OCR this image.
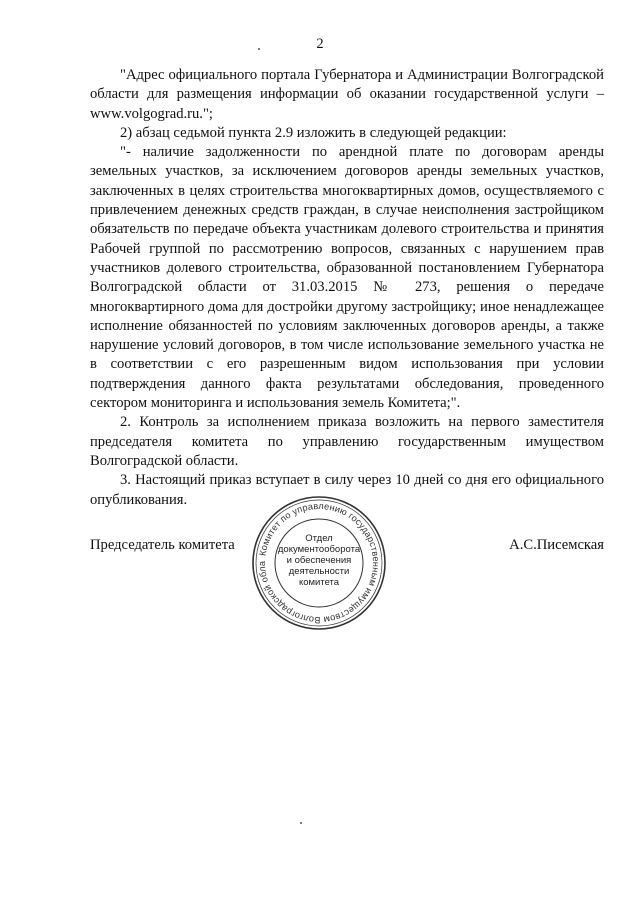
2

"Адрес официального портала Губернатора и Администрации Волгоградской области для размещения информации об оказании государственной услуги – www.volgograd.ru.";

2) абзац седьмой пункта 2.9 изложить в следующей редакции:

"- наличие задолженности по арендной плате по договорам аренды земельных участков, за исключением договоров аренды земельных участков, заключенных в целях строительства многоквартирных домов, осуществляемого с привлечением денежных средств граждан, в случае неисполнения застройщиком обязательств по передаче объекта участникам долевого строительства и принятия Рабочей группой по рассмотрению вопросов, связанных с нарушением прав участников долевого строительства, образованной постановлением Губернатора Волгоградской области от 31.03.2015 № 273, решения о передаче многоквартирного дома для достройки другому застройщику; иное ненадлежащее исполнение обязанностей по условиям заключенных договоров аренды, а также нарушение условий договоров, в том числе использование земельного участка не в соответствии с его разрешенным видом использования при условии подтверждения данного факта результатами обследования, проведенного сектором мониторинга и использования земель Комитета;".

2. Контроль за исполнением приказа возложить на первого заместителя председателя комитета по управлению государственным имуществом Волгоградской области.

3. Настоящий приказ вступает в силу через 10 дней со дня его официального опубликования.

Председатель комитета	А.С.Писемская
Комитет по управлению государственным имуществом Волгоградской обла
Отдел
документооборота
и обеспечения
деятельности
комитета
